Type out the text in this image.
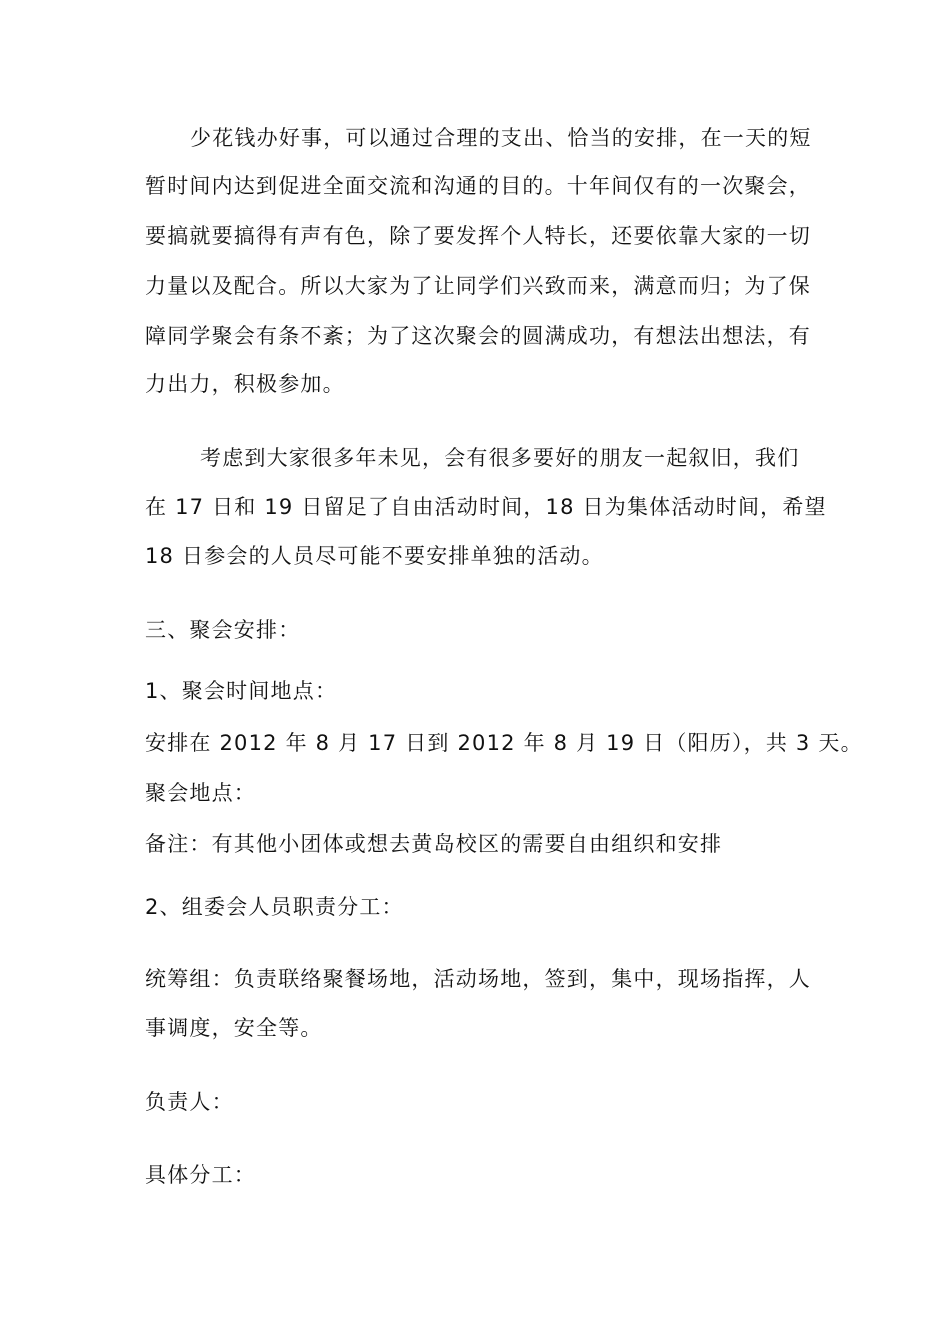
少花钱办好事，可以通过合理的支出、恰当的安排，在一天的短
暂时间内达到促进全面交流和沟通的目的。十年间仅有的一次聚会，
要搞就要搞得有声有色，除了要发挥个人特长，还要依靠大家的一切
力量以及配合。所以大家为了让同学们兴致而来，满意而归；为了保
障同学聚会有条不紊；为了这次聚会的圆满成功，有想法出想法，有
力出力，积极参加。
考虑到大家很多年未见，会有很多要好的朋友一起叙旧，我们
在 17 日和 19 日留足了自由活动时间，18 日为集体活动时间，希望
18 日参会的人员尽可能不要安排单独的活动。
三、聚会安排：
1、聚会时间地点：
安排在 2012 年 8 月 17 日到 2012 年 8 月 19 日（阳历），共 3 天。
聚会地点：
备注：有其他小团体或想去黄岛校区的需要自由组织和安排
2、组委会人员职责分工：
统筹组：负责联络聚餐场地，活动场地，签到，集中，现场指挥，人
事调度，安全等。
负责人：
具体分工：
